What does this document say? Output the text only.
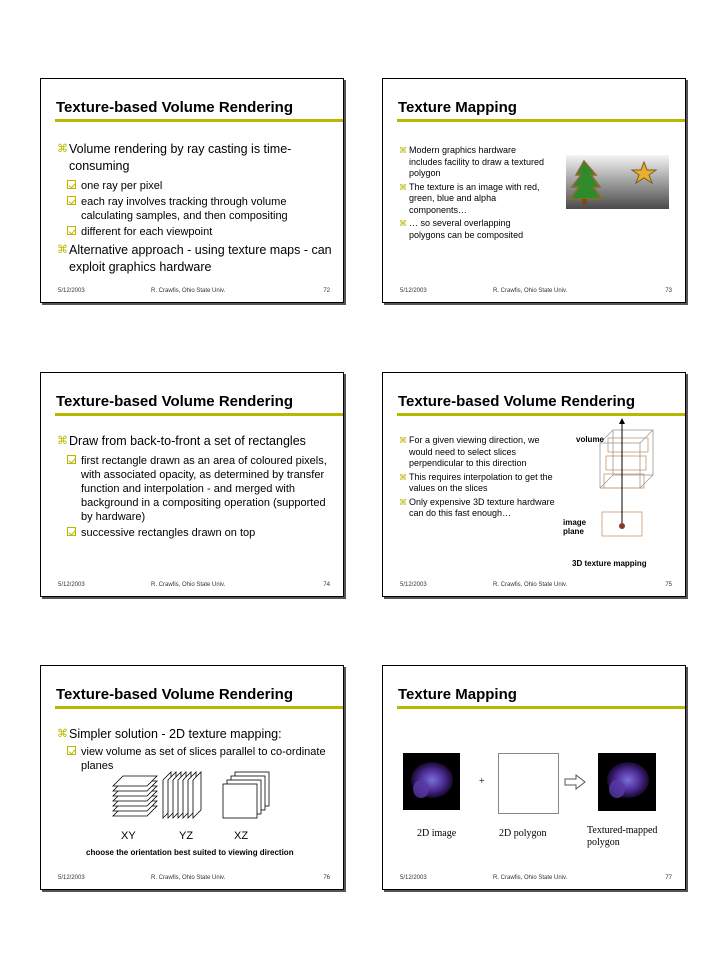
Texture-based Volume Rendering
⌘ Volume rendering by ray casting is time-consuming
one ray per pixel
each ray involves tracking through volume calculating samples, and then compositing
different for each viewpoint
⌘ Alternative approach - using texture maps - can exploit graphics hardware
5/12/2003	R. Crawfis, Ohio State Univ.	72
Texture Mapping
⌘ Modern graphics hardware includes facility to draw a textured polygon
⌘ The texture is an image with red, green, blue and alpha components…
⌘ … so several overlapping polygons can be composited
5/12/2003	R. Crawfis, Ohio State Univ.	73
Texture-based Volume Rendering
⌘ Draw from back-to-front a set of rectangles
first rectangle drawn as an area of coloured pixels, with associated opacity, as determined by transfer function and interpolation - and merged with background in a compositing operation (supported by hardware)
successive rectangles drawn on top
5/12/2003	R. Crawfis, Ohio State Univ.	74
Texture-based Volume Rendering
⌘ For a given viewing direction, we would need to select slices perpendicular to this direction
⌘ This requires interpolation to get the values on the slices
⌘ Only expensive 3D texture hardware can do this fast enough…
volume
image plane
3D texture mapping
5/12/2003	R. Crawfis, Ohio State Univ.	75
Texture-based Volume Rendering
⌘ Simpler solution - 2D texture mapping:
view volume as set of slices parallel to co-ordinate planes
XY	YZ	XZ
choose the orientation best suited to viewing direction
5/12/2003	R. Crawfis, Ohio State Univ.	76
Texture Mapping
+
2D image	2D polygon	Textured-mapped polygon
5/12/2003	R. Crawfis, Ohio State Univ.	77
